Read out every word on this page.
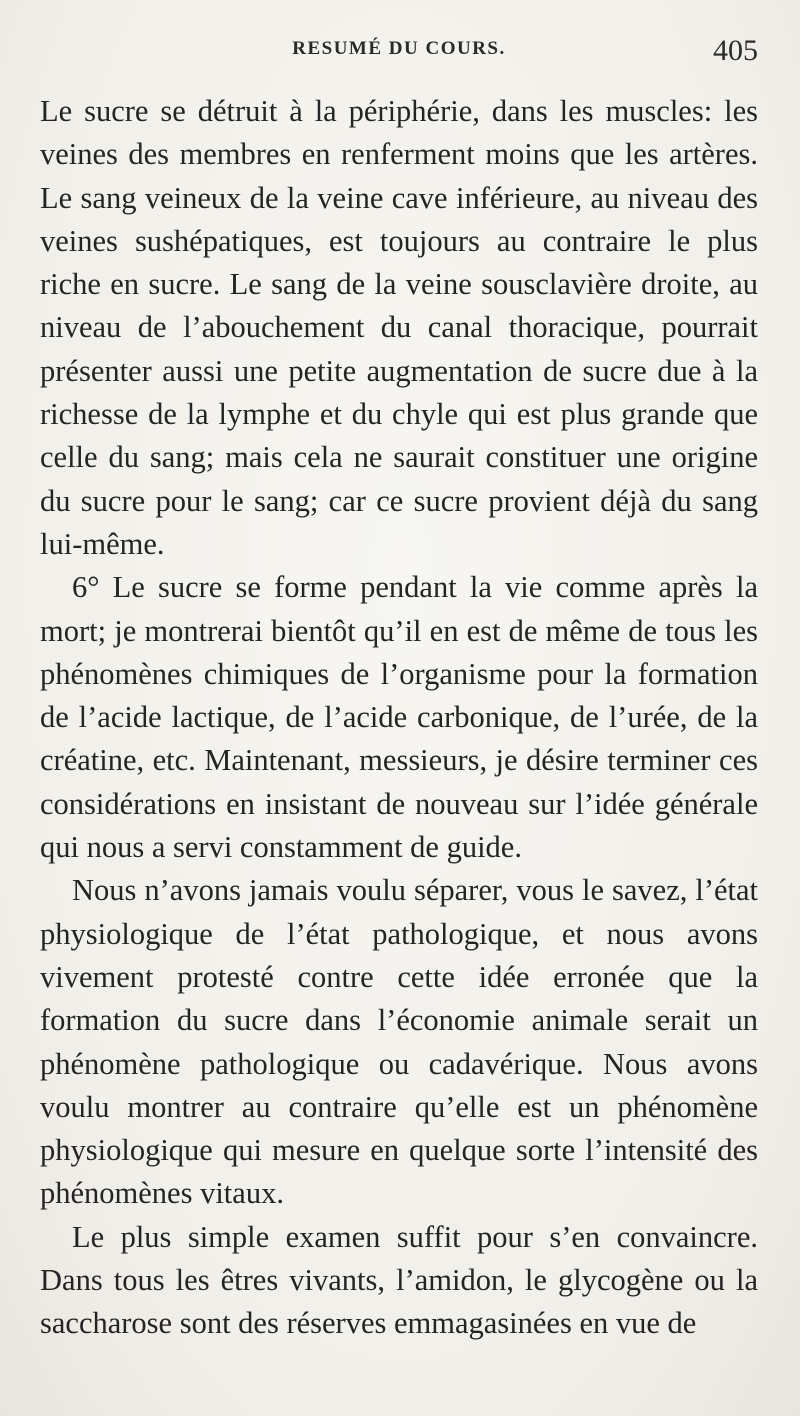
RESUMÉ DU COURS.	405

Le sucre se détruit à la périphérie, dans les muscles: les veines des membres en renferment moins que les artères. Le sang veineux de la veine cave inférieure, au niveau des veines sushépatiques, est toujours au contraire le plus riche en sucre. Le sang de la veine sousclavière droite, au niveau de l’abouchement du canal thoracique, pourrait présenter aussi une petite augmentation de sucre due à la richesse de la lymphe et du chyle qui est plus grande que celle du sang; mais cela ne saurait constituer une origine du sucre pour le sang; car ce sucre provient déjà du sang lui-même.

6° Le sucre se forme pendant la vie comme après la mort; je montrerai bientôt qu’il en est de même de tous les phénomènes chimiques de l’organisme pour la formation de l’acide lactique, de l’acide carbonique, de l’urée, de la créatine, etc. Maintenant, messieurs, je désire terminer ces considérations en insistant de nouveau sur l’idée générale qui nous a servi constamment de guide.

Nous n’avons jamais voulu séparer, vous le savez, l’état physiologique de l’état pathologique, et nous avons vivement protesté contre cette idée erronée que la formation du sucre dans l’économie animale serait un phénomène pathologique ou cadavérique. Nous avons voulu montrer au contraire qu’elle est un phénomène physiologique qui mesure en quelque sorte l’intensité des phénomènes vitaux.

Le plus simple examen suffit pour s’en convaincre. Dans tous les êtres vivants, l’amidon, le glycogène ou la saccharose sont des réserves emmagasinées en vue de
